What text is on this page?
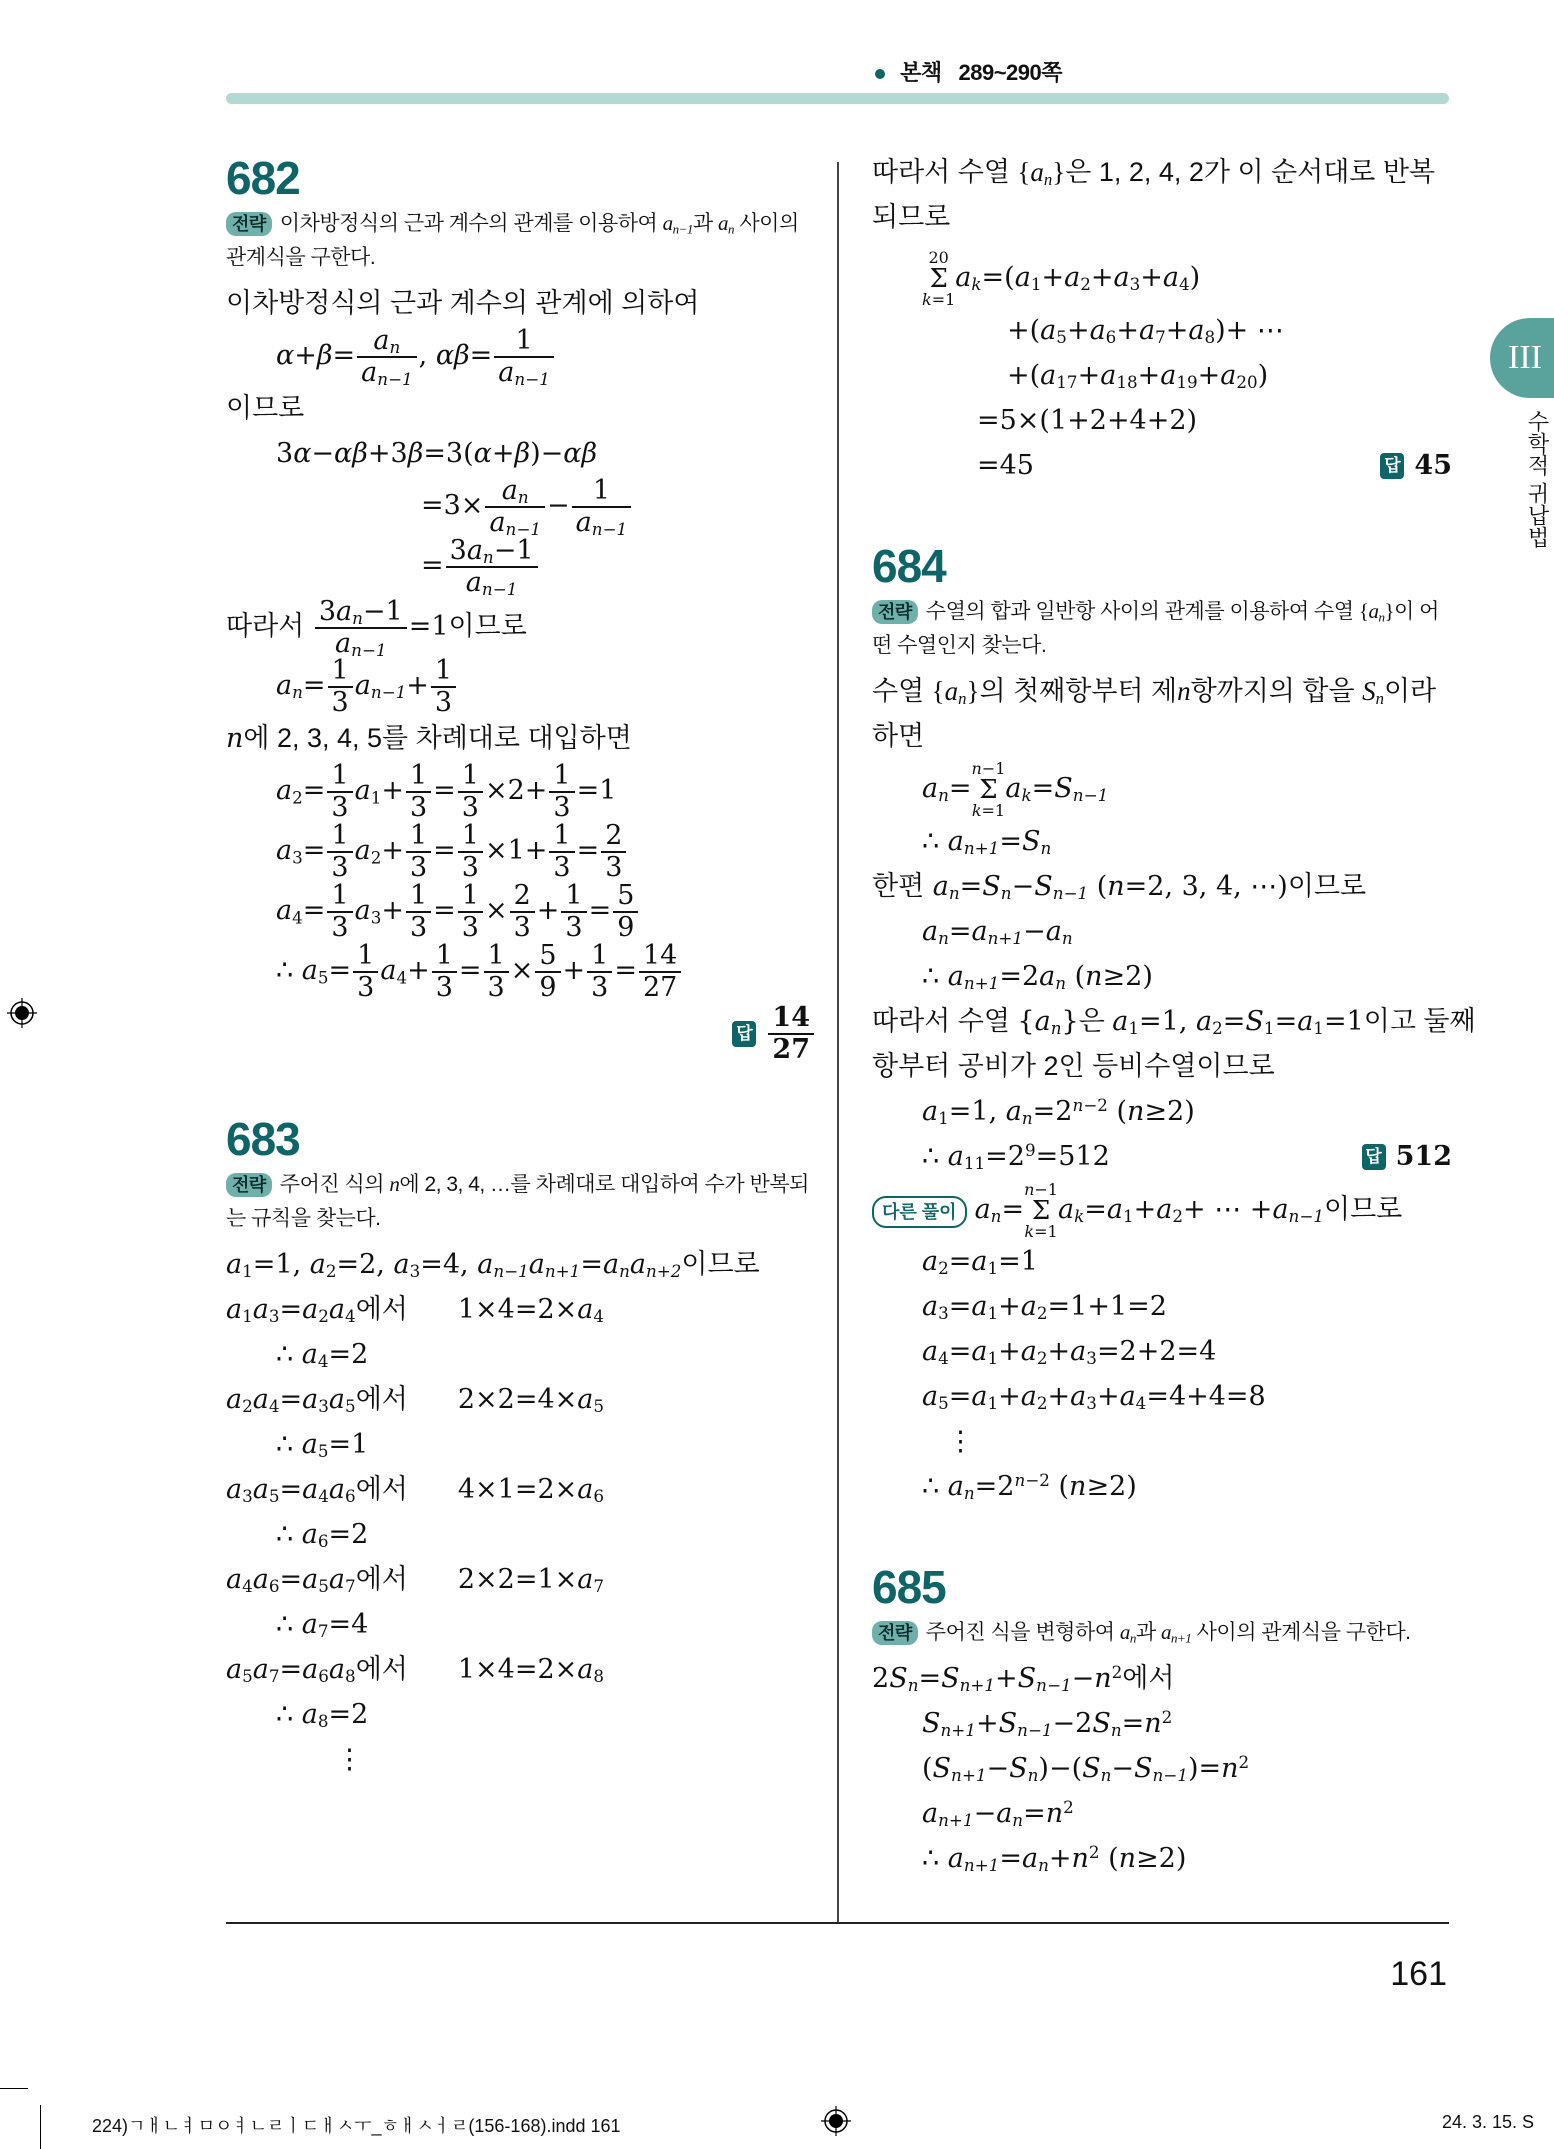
본책 289~290쪽
III
수학적 귀납법
682

전략 이차방정식의 근과 계수의 관계를 이용하여 $a_{n-1}$과 $a_n$ 사이의 관계식을 구한다.

이차방정식의 근과 계수의 관계에 의하여
$\alpha+\beta= \frac{a_n}{a_{n-1}}$ , $\alpha\beta= \frac{1}{a_{n-1}}$
이므로
3α−αβ+3β=3(α+β)−αβ
$=3\times \frac{a_n}{a_{n-1}} - \frac{1}{a_{n-1}}$
= $\frac{3a_n-1}{a_{n-1}}$
따라서 $\frac{3a_n-1}{a_{n-1}} =1$이므로
$a_n= \frac{1}{3} a_{n-1}+ \frac{1}{3}$
n에 2, 3, 4, 5를 차례대로 대입하면
$a_2= \frac{1}{3} a_1+ \frac{1}{3} = \frac{1}{3} \times 2+ \frac{1}{3} =1$
$a_3= \frac{1}{3} a_2+ \frac{1}{3} = \frac{1}{3} \times 1+ \frac{1}{3} = \frac{2}{3}$
$a_4= \frac{1}{3} a_3+ \frac{1}{3} = \frac{1}{3} \times \frac{2}{3} + \frac{1}{3} = \frac{5}{9}$
∴ $a_5= \frac{1}{3} a_4+ \frac{1}{3} = \frac{1}{3} \times \frac{5}{9} + \frac{1}{3} = \frac{14}{27}$
답 $\frac{14}{27}$
683

전략 주어진 식의 n에 2, 3, 4, …를 차례대로 대입하여 수가 반복되는 규칙을 찾는다.

$a_1=1$, $a_2=2$, $a_3=4$, $a_{n-1}a_{n+1}=a_na_{n+2}$이므로
$a_1a_3=a_2a_4$에서 $1\times 4=2\times a_4$
∴ $a_4=2$
$a_2a_4=a_3a_5$에서 $2\times 2=4\times a_5$
∴ $a_5=1$
$a_3a_5=a_4a_6$에서 $4\times 1=2\times a_6$
∴ $a_6=2$
$a_4a_6=a_5a_7$에서 $2\times 2=1\times a_7$
∴ $a_7=4$
$a_5a_7=a_6a_8$에서 $1\times 4=2\times a_8$
∴ $a_8=2$
⋮
따라서 수열 $\{a_n\}$은 1, 2, 4, 2가 이 순서대로 반복되므로
20
Σ
$k=1a_k=(a_1+a_2+a_3+a_4)$
$+(a_5+a_6+a_7+a_8)+$ ⋯
$+(a_{17}+a_{18}+a_{19}+a_{20})$
=5×(1+2+4+2)
=45	답 45
684

전략 수열의 합과 일반항 사이의 관계를 이용하여 수열 $\{a_n\}$이 어떤 수열인지 찾는다.

수열 $\{a_n\}$의 첫째항부터 제n항까지의 합을 $S_n$이라 하면
$a_n=n-1$
Σ
$k=1a_k=S_{n-1}$
∴ $a_{n+1}=S_n$
한편 $a_n=S_n-S_{n-1}$ (n=2, 3, 4, ⋯)이므로
$a_n=a_{n+1}-a_n$
∴ $a_{n+1}=2a_n$ (n≥2)
따라서 수열 $\{a_n\}$은 $a_1=1$, $a_2=S_1=a_1=1$이고 둘째
항부터 공비가 2인 등비수열이므로
$a_1=1$, $a_n=2^{n-2}$ (n≥2)
∴ $a_{11}=2^9=512$	답 512
다른 풀이 $a_n=n-1$
Σ
$k=1a_k=a_1+a_2+$ ⋯ $+a_{n-1}$이므로
$a_2=a_1=1$
$a_3=a_1+a_2=1+1=2$
$a_4=a_1+a_2+a_3=2+2=4$
$a_5=a_1+a_2+a_3+a_4=4+4=8$
⋮
∴ $a_n=2^{n-2}$ (n≥2)
685

전략 주어진 식을 변형하여 $a_n$과 $a_{n+1}$ 사이의 관계식을 구한다.

$2S_n=S_{n+1}+S_{n-1}-n^2$에서
$S_{n+1}+S_{n-1}-2S_n=n^2$
$(S_{n+1}-S_n)-(S_n-S_{n-1})=n^2$
$a_{n+1}-a_n=n^2$
∴ $a_{n+1}=a_n+n^2$ (n≥2)
161
224)ㄱㅐㄴㅕㅁㅇㅕㄴㄹㅣㄷㅐㅅㅜ_ㅎㅐㅅㅓㄹ(156-168).indd 161	24. 3. 15. S
